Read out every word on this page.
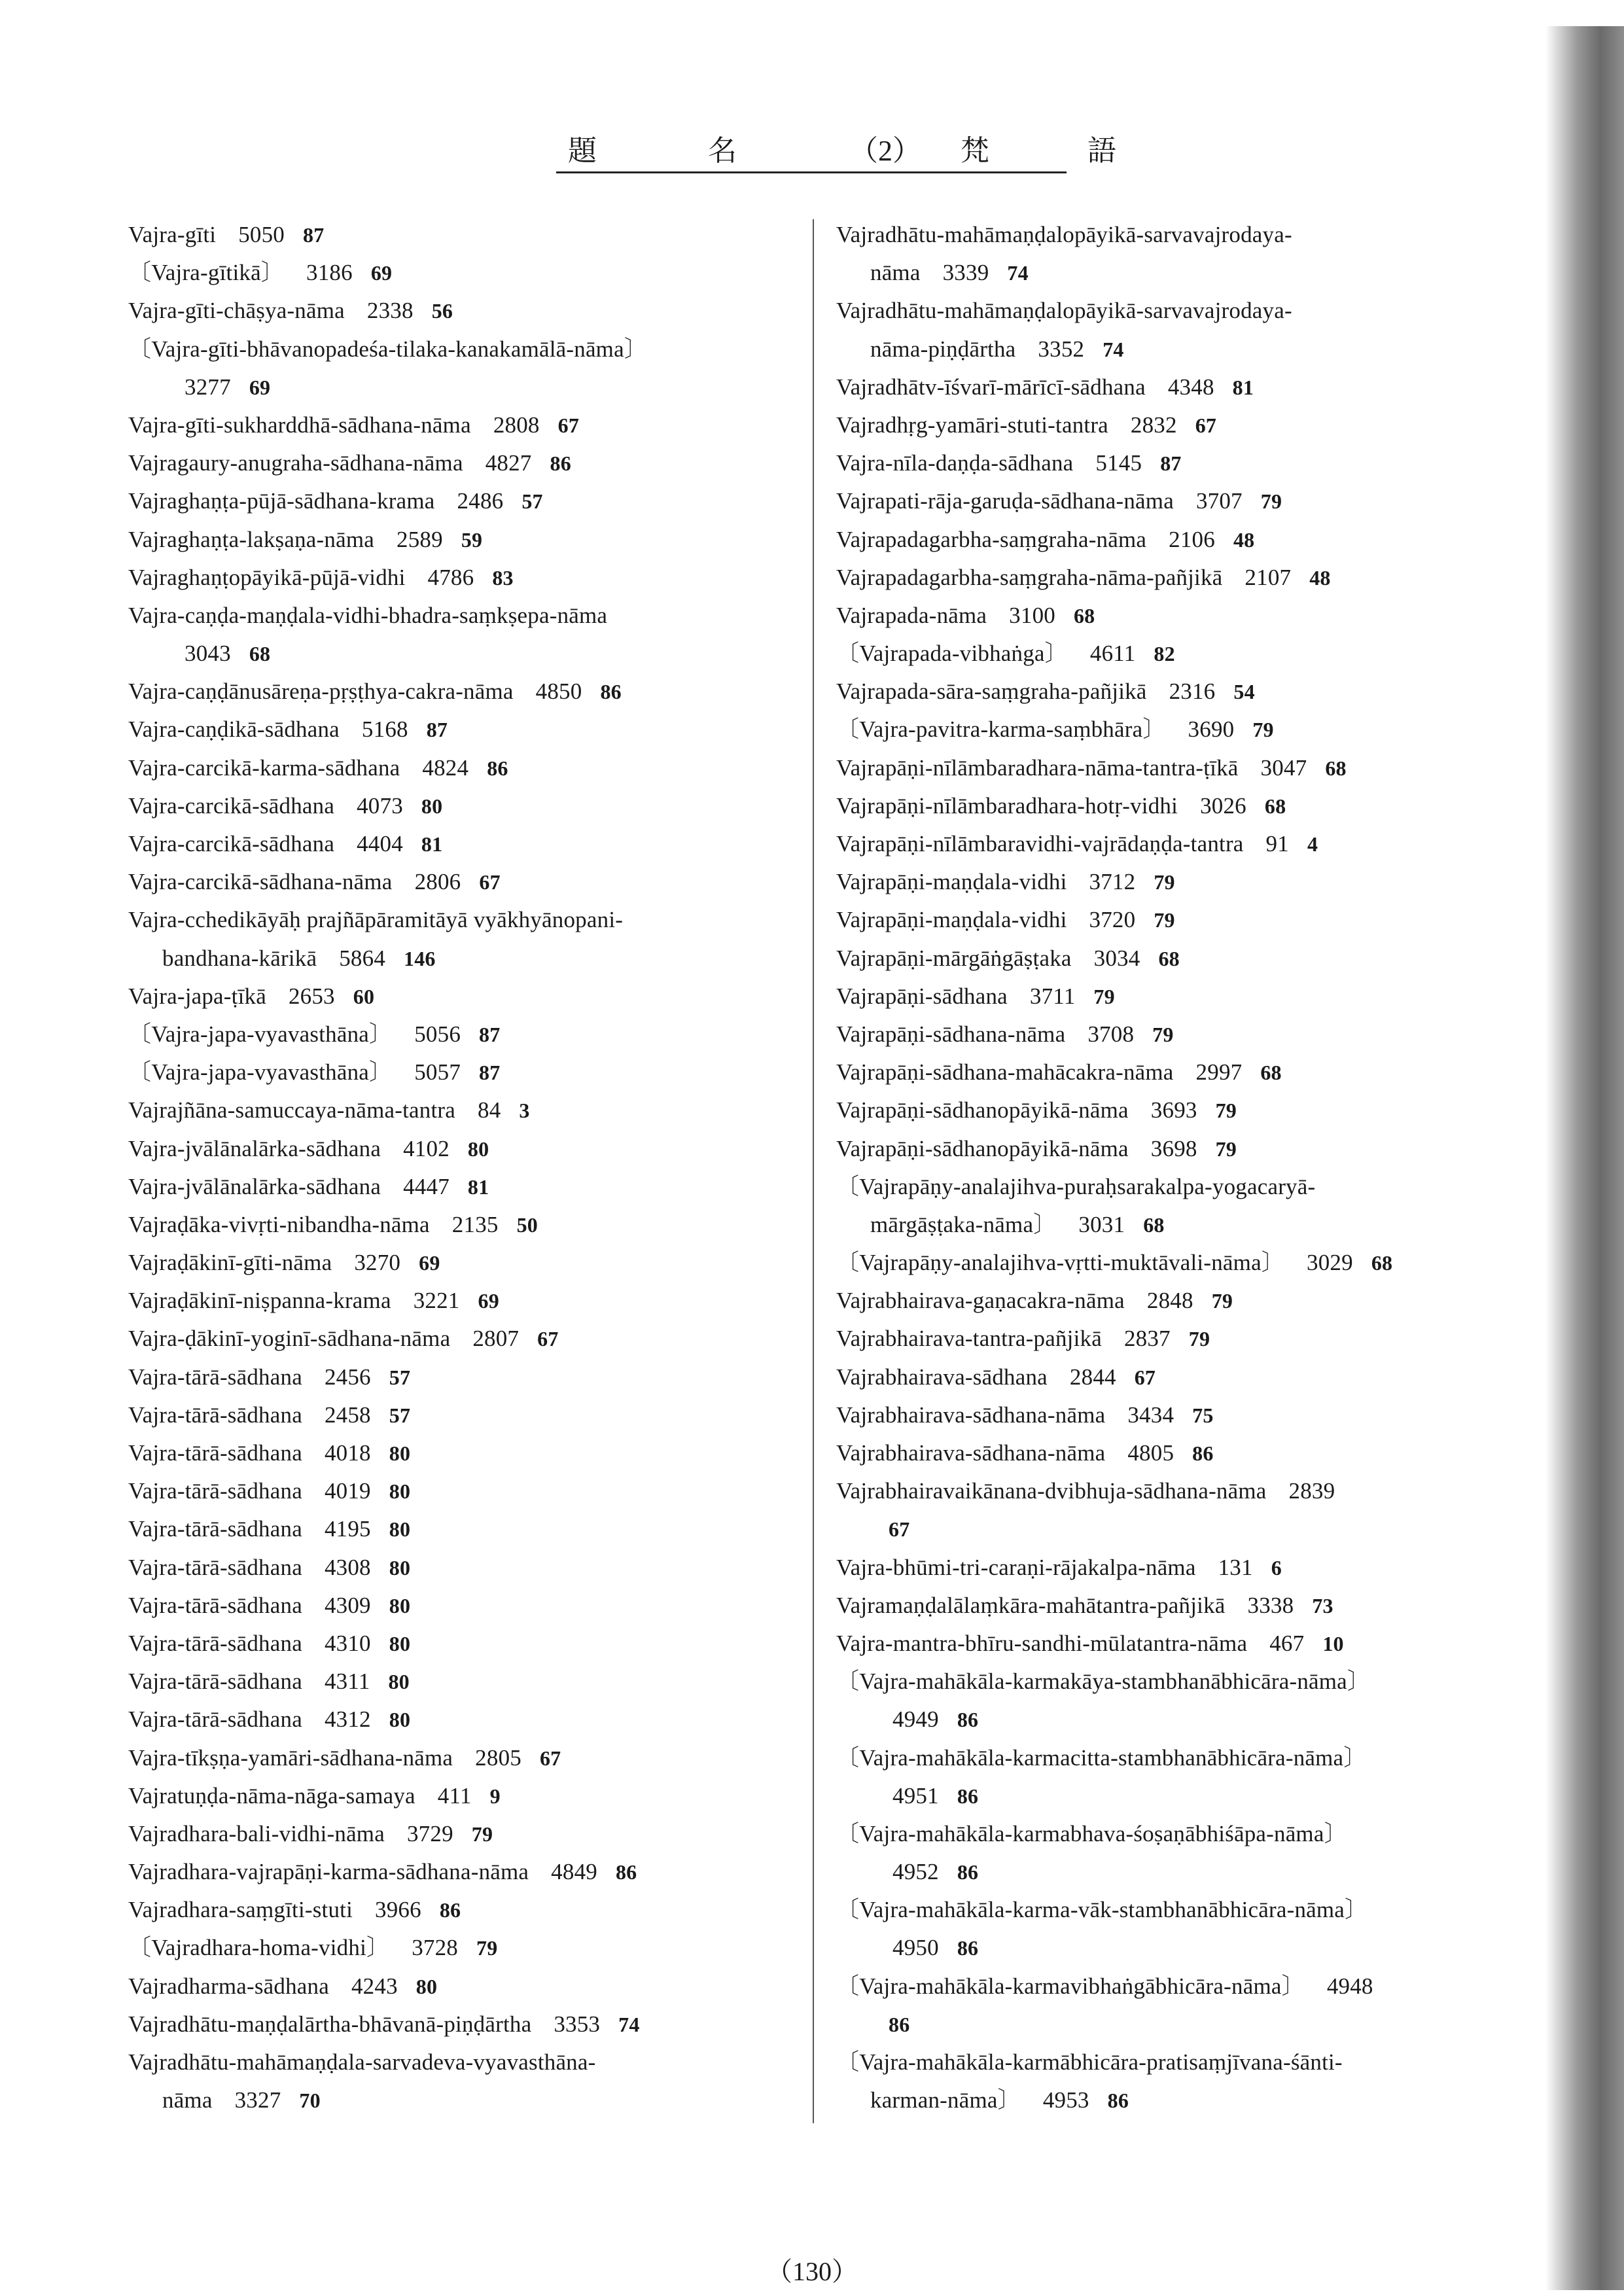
題	名	（2） 梵	語
Vajra-gīti 5050 87
〔Vajra-gītikā〕 3186 69
Vajra-gīti-chāṣya-nāma 2338 56
〔Vajra-gīti-bhāvanopadeśa-tilaka-kanakamālā-nāma〕
3277 69
Vajra-gīti-sukharddhā-sādhana-nāma 2808 67
Vajragaury-anugraha-sādhana-nāma 4827 86
Vajraghaṇṭa-pūjā-sādhana-krama 2486 57
Vajraghaṇṭa-lakṣaṇa-nāma 2589 59
Vajraghaṇṭopāyikā-pūjā-vidhi 4786 83
Vajra-caṇḍa-maṇḍala-vidhi-bhadra-saṃkṣepa-nāma
3043 68
Vajra-caṇḍānusāreṇa-pṛṣṭhya-cakra-nāma 4850 86
Vajra-caṇḍikā-sādhana 5168 87
Vajra-carcikā-karma-sādhana 4824 86
Vajra-carcikā-sādhana 4073 80
Vajra-carcikā-sādhana 4404 81
Vajra-carcikā-sādhana-nāma 2806 67
Vajra-cchedikāyāḥ prajñāpāramitāyā vyākhyānopani-
bandhana-kārikā 5864 146
Vajra-japa-ṭīkā 2653 60
〔Vajra-japa-vyavasthāna〕 5056 87
〔Vajra-japa-vyavasthāna〕 5057 87
Vajrajñāna-samuccaya-nāma-tantra 84 3
Vajra-jvālānalārka-sādhana 4102 80
Vajra-jvālānalārka-sādhana 4447 81
Vajraḍāka-vivṛti-nibandha-nāma 2135 50
Vajraḍākinī-gīti-nāma 3270 69
Vajraḍākinī-niṣpanna-krama 3221 69
Vajra-ḍākinī-yoginī-sādhana-nāma 2807 67
Vajra-tārā-sādhana 2456 57
Vajra-tārā-sādhana 2458 57
Vajra-tārā-sādhana 4018 80
Vajra-tārā-sādhana 4019 80
Vajra-tārā-sādhana 4195 80
Vajra-tārā-sādhana 4308 80
Vajra-tārā-sādhana 4309 80
Vajra-tārā-sādhana 4310 80
Vajra-tārā-sādhana 4311 80
Vajra-tārā-sādhana 4312 80
Vajra-tīkṣṇa-yamāri-sādhana-nāma 2805 67
Vajratuṇḍa-nāma-nāga-samaya 411 9
Vajradhara-bali-vidhi-nāma 3729 79
Vajradhara-vajrapāṇi-karma-sādhana-nāma 4849 86
Vajradhara-saṃgīti-stuti 3966 86
〔Vajradhara-homa-vidhi〕 3728 79
Vajradharma-sādhana 4243 80
Vajradhātu-maṇḍalārtha-bhāvanā-piṇḍārtha 3353 74
Vajradhātu-mahāmaṇḍala-sarvadeva-vyavasthāna-
nāma 3327 70
Vajradhātu-mahāmaṇḍalopāyikā-sarvavajrodaya-
nāma 3339 74
Vajradhātu-mahāmaṇḍalopāyikā-sarvavajrodaya-
nāma-piṇḍārtha 3352 74
Vajradhātv-īśvarī-mārīcī-sādhana 4348 81
Vajradhṛg-yamāri-stuti-tantra 2832 67
Vajra-nīla-daṇḍa-sādhana 5145 87
Vajrapati-rāja-garuḍa-sādhana-nāma 3707 79
Vajrapadagarbha-saṃgraha-nāma 2106 48
Vajrapadagarbha-saṃgraha-nāma-pañjikā 2107 48
Vajrapada-nāma 3100 68
〔Vajrapada-vibhaṅga〕 4611 82
Vajrapada-sāra-saṃgraha-pañjikā 2316 54
〔Vajra-pavitra-karma-saṃbhāra〕 3690 79
Vajrapāṇi-nīlāmbaradhara-nāma-tantra-ṭīkā 3047 68
Vajrapāṇi-nīlāmbaradhara-hotṛ-vidhi 3026 68
Vajrapāṇi-nīlāmbaravidhi-vajrādaṇḍa-tantra 91 4
Vajrapāṇi-maṇḍala-vidhi 3712 79
Vajrapāṇi-maṇḍala-vidhi 3720 79
Vajrapāṇi-mārgāṅgāṣṭaka 3034 68
Vajrapāṇi-sādhana 3711 79
Vajrapāṇi-sādhana-nāma 3708 79
Vajrapāṇi-sādhana-mahācakra-nāma 2997 68
Vajrapāṇi-sādhanopāyikā-nāma 3693 79
Vajrapāṇi-sādhanopāyikā-nāma 3698 79
〔Vajrapāṇy-analajihva-puraḥsarakalpa-yogacaryā-
mārgāṣṭaka-nāma〕 3031 68
〔Vajrapāṇy-analajihva-vṛtti-muktāvali-nāma〕 3029 68
Vajrabhairava-gaṇacakra-nāma 2848 79
Vajrabhairava-tantra-pañjikā 2837 79
Vajrabhairava-sādhana 2844 67
Vajrabhairava-sādhana-nāma 3434 75
Vajrabhairava-sādhana-nāma 4805 86
Vajrabhairavaikānana-dvibhuja-sādhana-nāma 2839
67
Vajra-bhūmi-tri-caraṇi-rājakalpa-nāma 131 6
Vajramaṇḍalālaṃkāra-mahātantra-pañjikā 3338 73
Vajra-mantra-bhīru-sandhi-mūlatantra-nāma 467 10
〔Vajra-mahākāla-karmakāya-stambhanābhicāra-nāma〕
4949 86
〔Vajra-mahākāla-karmacitta-stambhanābhicāra-nāma〕
4951 86
〔Vajra-mahākāla-karmabhava-śoṣaṇābhiśāpa-nāma〕
4952 86
〔Vajra-mahākāla-karma-vāk-stambhanābhicāra-nāma〕
4950 86
〔Vajra-mahākāla-karmavibhaṅgābhicāra-nāma〕 4948
86
〔Vajra-mahākāla-karmābhicāra-pratisaṃjīvana-śānti-
karman-nāma〕 4953 86
（130）
